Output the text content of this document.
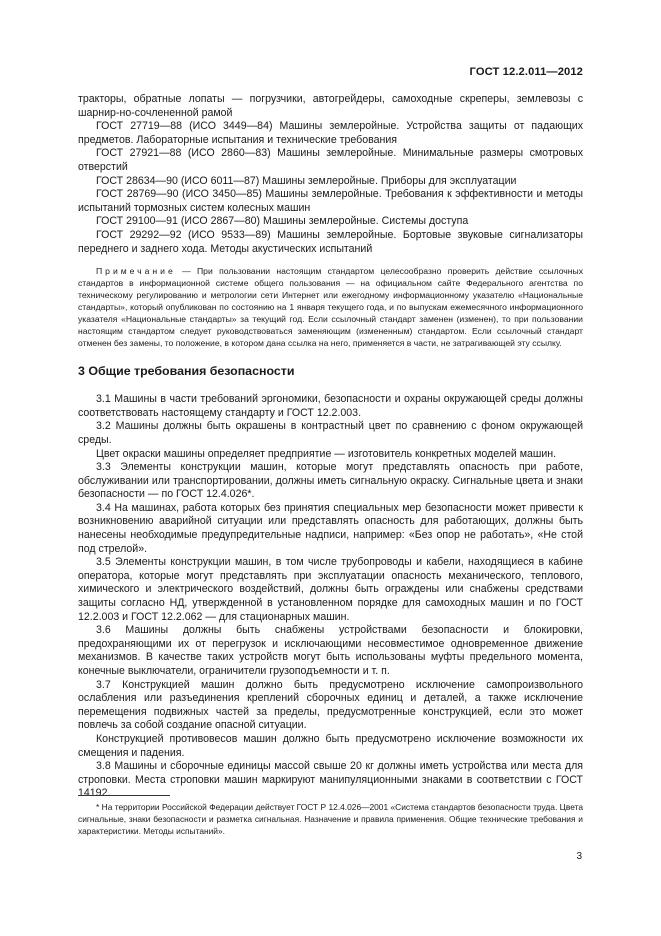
ГОСТ 12.2.011—2012

тракторы, обратные лопаты — погрузчики, автогрейдеры, самоходные скреперы, землевозы с шарнир-но-сочлененной рамой

ГОСТ 27719—88 (ИСО 3449—84) Машины землеройные. Устройства защиты от падающих предметов. Лабораторные испытания и технические требования

ГОСТ 27921—88 (ИСО 2860—83) Машины землеройные. Минимальные размеры смотровых отверстий

ГОСТ 28634—90 (ИСО 6011—87) Машины землеройные. Приборы для эксплуатации

ГОСТ 28769—90 (ИСО 3450—85) Машины землеройные. Требования к эффективности и методы испытаний тормозных систем колесных машин

ГОСТ 29100—91 (ИСО 2867—80) Машины землеройные. Системы доступа

ГОСТ 29292—92 (ИСО 9533—89) Машины землеройные. Бортовые звуковые сигнализаторы переднего и заднего хода. Методы акустических испытаний

Примечание — При пользовании настоящим стандартом целесообразно проверить действие ссылочных стандартов в информационной системе общего пользования — на официальном сайте Федерального агентства по техническому регулированию и метрологии сети Интернет или ежегодному информационному указателю «Национальные стандарты», который опубликован по состоянию на 1 января текущего года, и по выпускам ежемесячного информационного указателя «Национальные стандарты» за текущий год. Если ссылочный стандарт заменен (изменен), то при пользовании настоящим стандартом следует руководствоваться заменяющим (измененным) стандартом. Если ссылочный стандарт отменен без замены, то положение, в котором дана ссылка на него, применяется в части, не затрагивающей эту ссылку.

3 Общие требования безопасности

3.1 Машины в части требований эргономики, безопасности и охраны окружающей среды должны соответствовать настоящему стандарту и ГОСТ 12.2.003.

3.2 Машины должны быть окрашены в контрастный цвет по сравнению с фоном окружающей среды.

Цвет окраски машины определяет предприятие — изготовитель конкретных моделей машин.

3.3 Элементы конструкции машин, которые могут представлять опасность при работе, обслуживании или транспортировании, должны иметь сигнальную окраску. Сигнальные цвета и знаки безопасности — по ГОСТ 12.4.026*.

3.4 На машинах, работа которых без принятия специальных мер безопасности может привести к возникновению аварийной ситуации или представлять опасность для работающих, должны быть нанесены необходимые предупредительные надписи, например: «Без опор не работать», «Не стой под стрелой».

3.5 Элементы конструкции машин, в том числе трубопроводы и кабели, находящиеся в кабине оператора, которые могут представлять при эксплуатации опасность механического, теплового, химического и электрического воздействий, должны быть ограждены или снабжены средствами защиты согласно НД, утвержденной в установленном порядке для самоходных машин и по ГОСТ 12.2.003 и ГОСТ 12.2.062 — для стационарных машин.

3.6 Машины должны быть снабжены устройствами безопасности и блокировки, предохраняющими их от перегрузок и исключающими несовместимое одновременное движение механизмов. В качестве таких устройств могут быть использованы муфты предельного момента, конечные выключатели, ограничители грузоподъемности и т. п.

3.7 Конструкцией машин должно быть предусмотрено исключение самопроизвольного ослабления или разъединения креплений сборочных единиц и деталей, а также исключение перемещения подвижных частей за пределы, предусмотренные конструкцией, если это может повлечь за собой создание опасной ситуации.

Конструкцией противовесов машин должно быть предусмотрено исключение возможности их смещения и падения.

3.8 Машины и сборочные единицы массой свыше 20 кг должны иметь устройства или места для строповки. Места строповки машин маркируют манипуляционными знаками в соответствии с ГОСТ 14192.

* На территории Российской Федерации действует ГОСТ Р 12.4.026—2001 «Система стандартов безопасности труда. Цвета сигнальные, знаки безопасности и разметка сигнальная. Назначение и правила применения. Общие технические требования и характеристики. Методы испытаний».

3
